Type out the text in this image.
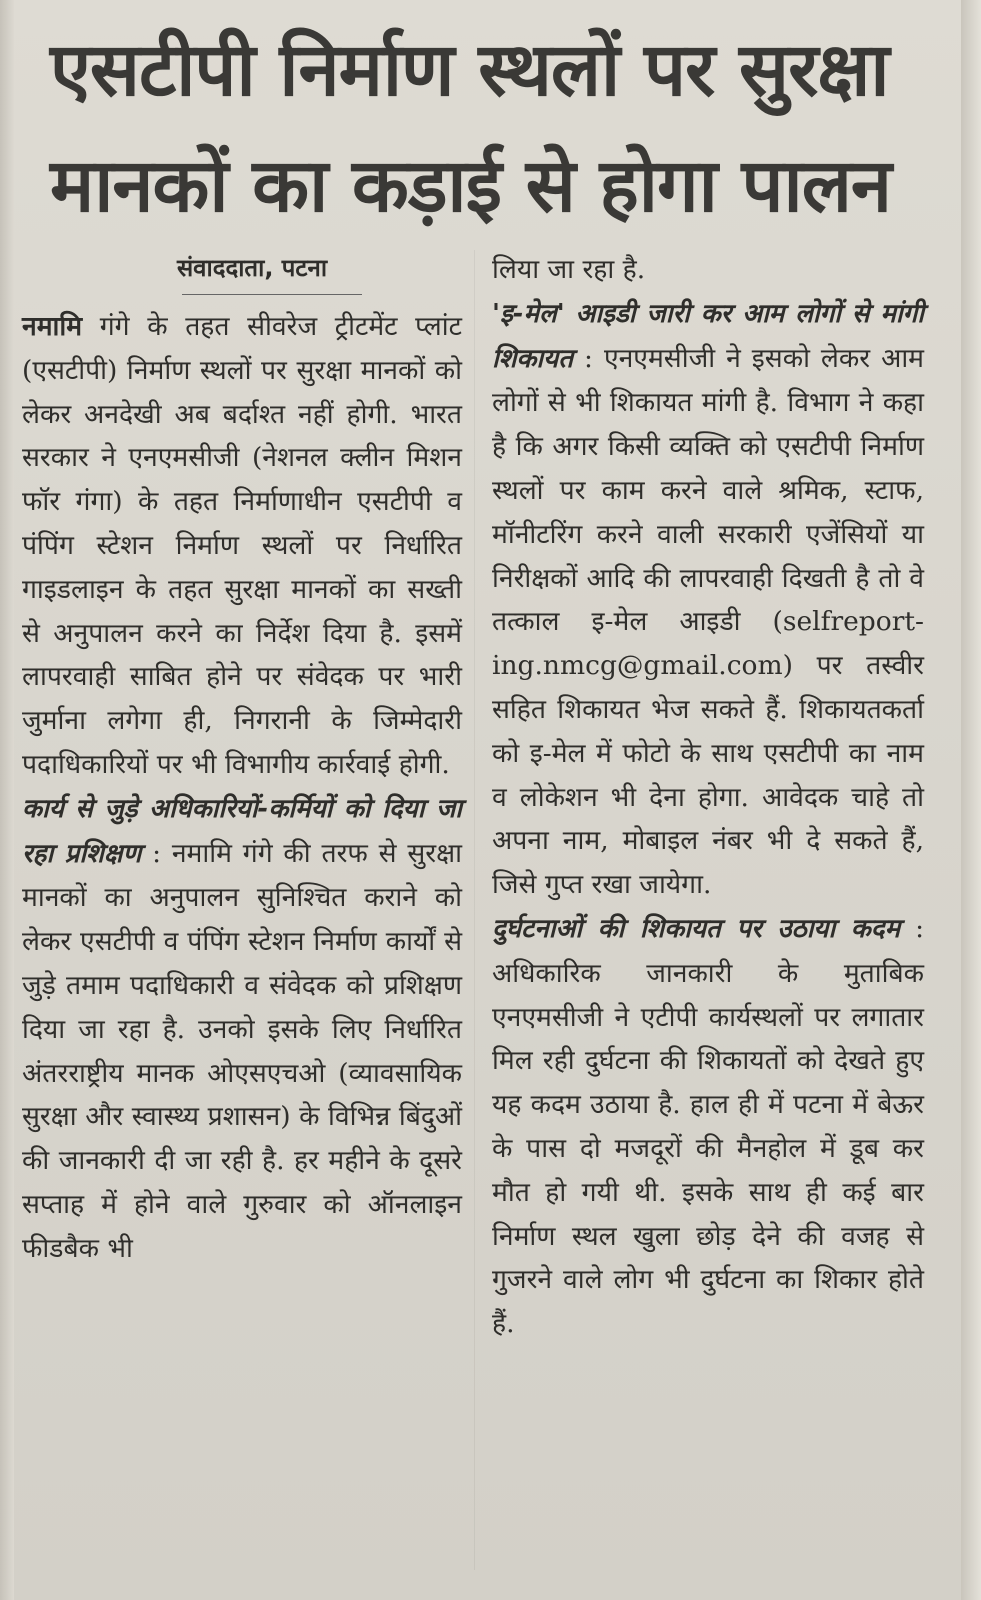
एसटीपी निर्माण स्थलों पर सुरक्षा मानकों का कड़ाई से होगा पालन
संवाददाता, पटना

नमामि गंगे के तहत सीवरेज ट्रीटमेंट प्लांट (एसटीपी) निर्माण स्थलों पर सुरक्षा मानकों को लेकर अनदेखी अब बर्दाश्त नहीं होगी. भारत सरकार ने एनएमसीजी (नेशनल क्लीन मिशन फॉर गंगा) के तहत निर्माणाधीन एसटीपी व पंपिंग स्टेशन निर्माण स्थलों पर निर्धारित गाइडलाइन के तहत सुरक्षा मानकों का सख्ती से अनुपालन करने का निर्देश दिया है. इसमें लापरवाही साबित होने पर संवेदक पर भारी जुर्माना लगेगा ही, निगरानी के जिम्मेदारी पदाधिकारियों पर भी विभागीय कार्रवाई होगी.

कार्य से जुड़े अधिकारियों-कर्मियों को दिया जा रहा प्रशिक्षण : नमामि गंगे की तरफ से सुरक्षा मानकों का अनुपालन सुनिश्चित कराने को लेकर एसटीपी व पंपिंग स्टेशन निर्माण कार्यों से जुड़े तमाम पदाधिकारी व संवेदक को प्रशिक्षण दिया जा रहा है. उनको इसके लिए निर्धारित अंतरराष्ट्रीय मानक ओएसएचओ (व्यावसायिक सुरक्षा और स्वास्थ्य प्रशासन) के विभिन्न बिंदुओं की जानकारी दी जा रही है. हर महीने के दूसरे सप्ताह में होने वाले गुरुवार को ऑनलाइन फीडबैक भी

लिया जा रहा है.

'इ-मेल' आइडी जारी कर आम लोगों से मांगी शिकायत : एनएमसीजी ने इसको लेकर आम लोगों से भी शिकायत मांगी है. विभाग ने कहा है कि अगर किसी व्यक्ति को एसटीपी निर्माण स्थलों पर काम करने वाले श्रमिक, स्टाफ, मॉनीटरिंग करने वाली सरकारी एजेंसियों या निरीक्षकों आदि की लापरवाही दिखती है तो वे तत्काल इ-मेल आइडी (selfreport-ing.nmcg@gmail.com) पर तस्वीर सहित शिकायत भेज सकते हैं. शिकायतकर्ता को इ-मेल में फोटो के साथ एसटीपी का नाम व लोकेशन भी देना होगा. आवेदक चाहे तो अपना नाम, मोबाइल नंबर भी दे सकते हैं, जिसे गुप्त रखा जायेगा.

दुर्घटनाओं की शिकायत पर उठाया कदम : अधिकारिक जानकारी के मुताबिक एनएमसीजी ने एटीपी कार्यस्थलों पर लगातार मिल रही दुर्घटना की शिकायतों को देखते हुए यह कदम उठाया है. हाल ही में पटना में बेऊर के पास दो मजदूरों की मैनहोल में डूब कर मौत हो गयी थी. इसके साथ ही कई बार निर्माण स्थल खुला छोड़ देने की वजह से गुजरने वाले लोग भी दुर्घटना का शिकार होते हैं.
